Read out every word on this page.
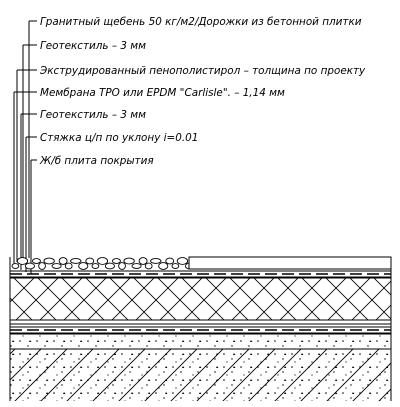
Гранитный щебень 50 кг/м2/Дорожки из бетонной плитки
Геотекстиль – 3 мм
Экструдированный пенополистирол – толщина по проекту
Мембрана ТРО или EPDM "Carlisle". – 1,14 мм
Геотекстиль – 3 мм
Стяжка ц/п по уклону i=0.01
Ж/б плита покрытия
